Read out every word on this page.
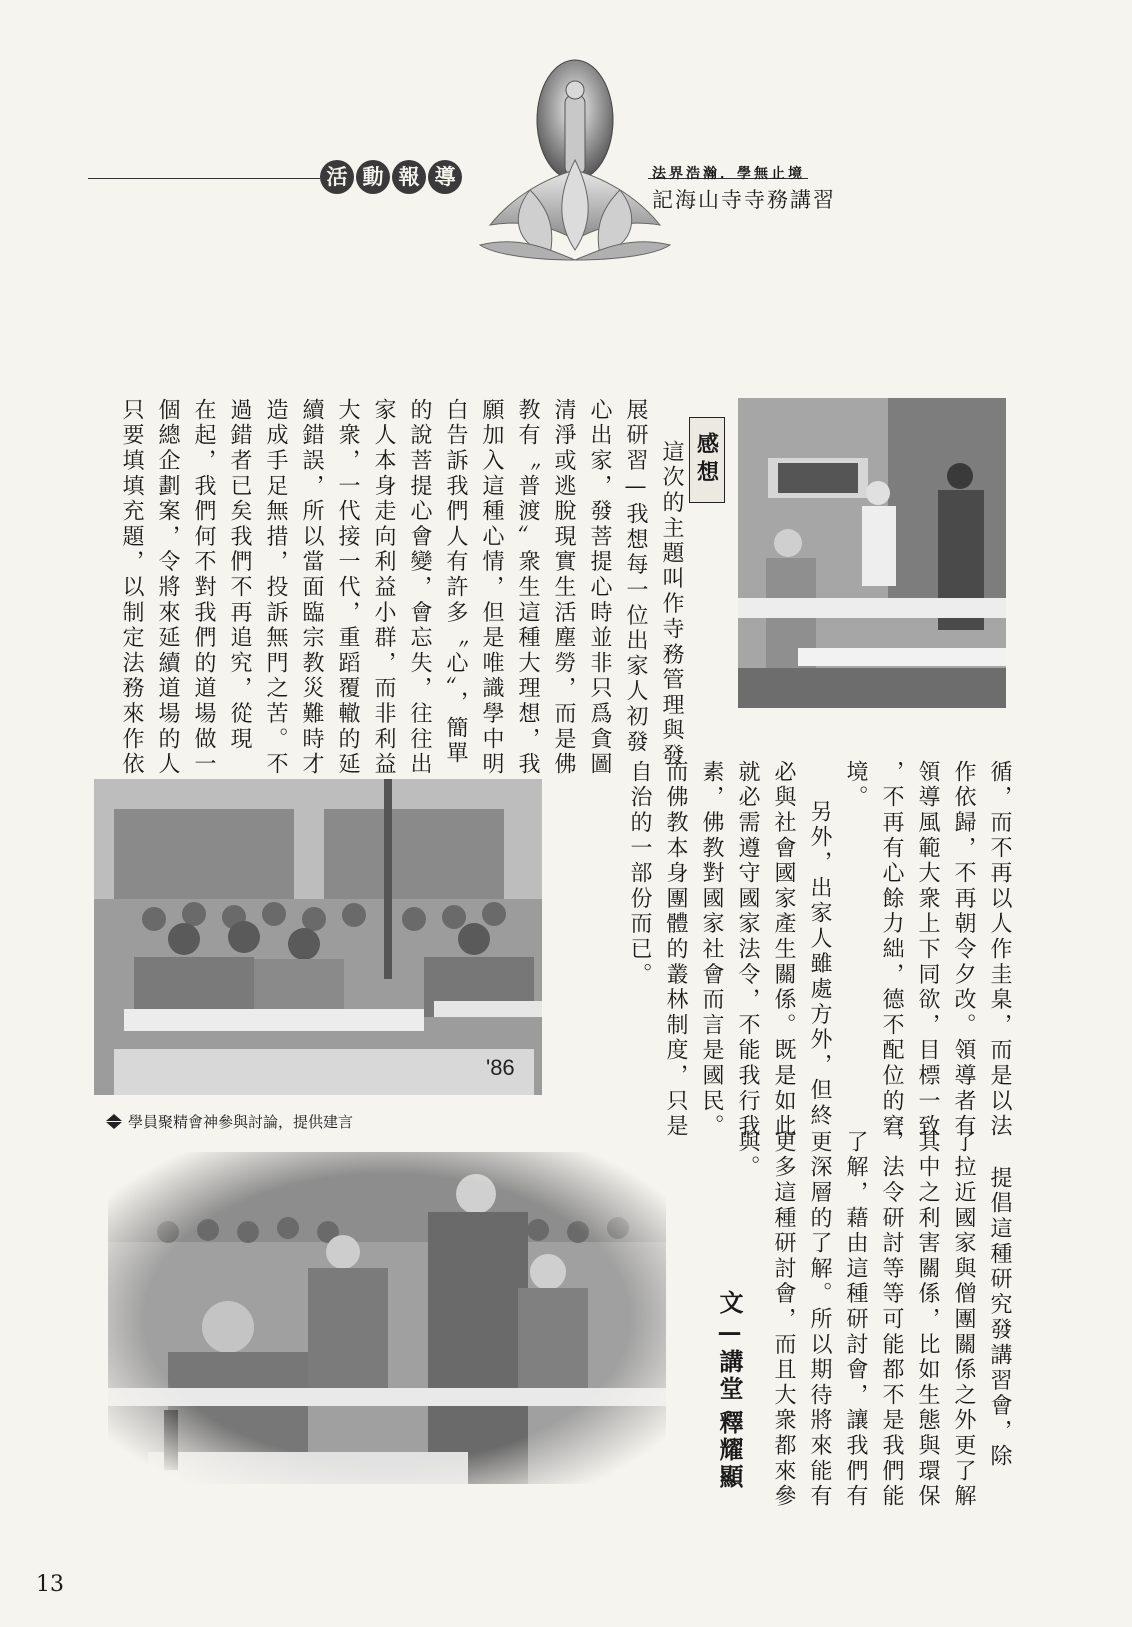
活 動 報 導	法界浩瀚．學無止境
記海山寺寺務講習
'86
學員聚精會神參與討論，提供建言
感想
這次的主題叫作寺務管理與發
展研習—我想每一位出家人初發
心出家，發菩提心時並非只爲貪圖
清淨或逃脫現實生活塵勞，而是佛
教有〝普渡〞衆生這種大理想，我
願加入這種心情，但是唯識學中明
白告訴我們人有許多〝心〞，簡單
的說菩提心會變，會忘失，往往出
家人本身走向利益小群，而非利益
大衆，一代接一代，重蹈覆轍的延
續錯誤，所以當面臨宗教災難時才
造成手足無措，投訴無門之苦。不
過錯者已矣我們不再追究，從現
在起，我們何不對我們的道場做一
個總企劃案，令將來延續道場的人
只要填填充題，以制定法務來作依
循，而不再以人作圭臬，而是以法
作依歸，不再朝令夕改。領導者有
領導風範大衆上下同欲，目標一致
，不再有心餘力絀，德不配位的窘
境。
另外，出家人雖處方外，但終
必與社會國家產生關係。既是如此
就必需遵守國家法令，不能我行我
素，佛教對國家社會而言是國民。
而佛教本身團體的叢林制度，只是
自治的一部份而已。
提倡這種研究發講習會，除
了拉近國家與僧團關係之外更了解
其中之利害關係，比如生態與環保
，法令研討等等可能都不是我們能
了解，藉由這種研討會，讓我們有
更深層的了解。所以期待將來能有
更多這種研討會，而且大衆都來參
與。
文—講堂
釋耀顯
13
